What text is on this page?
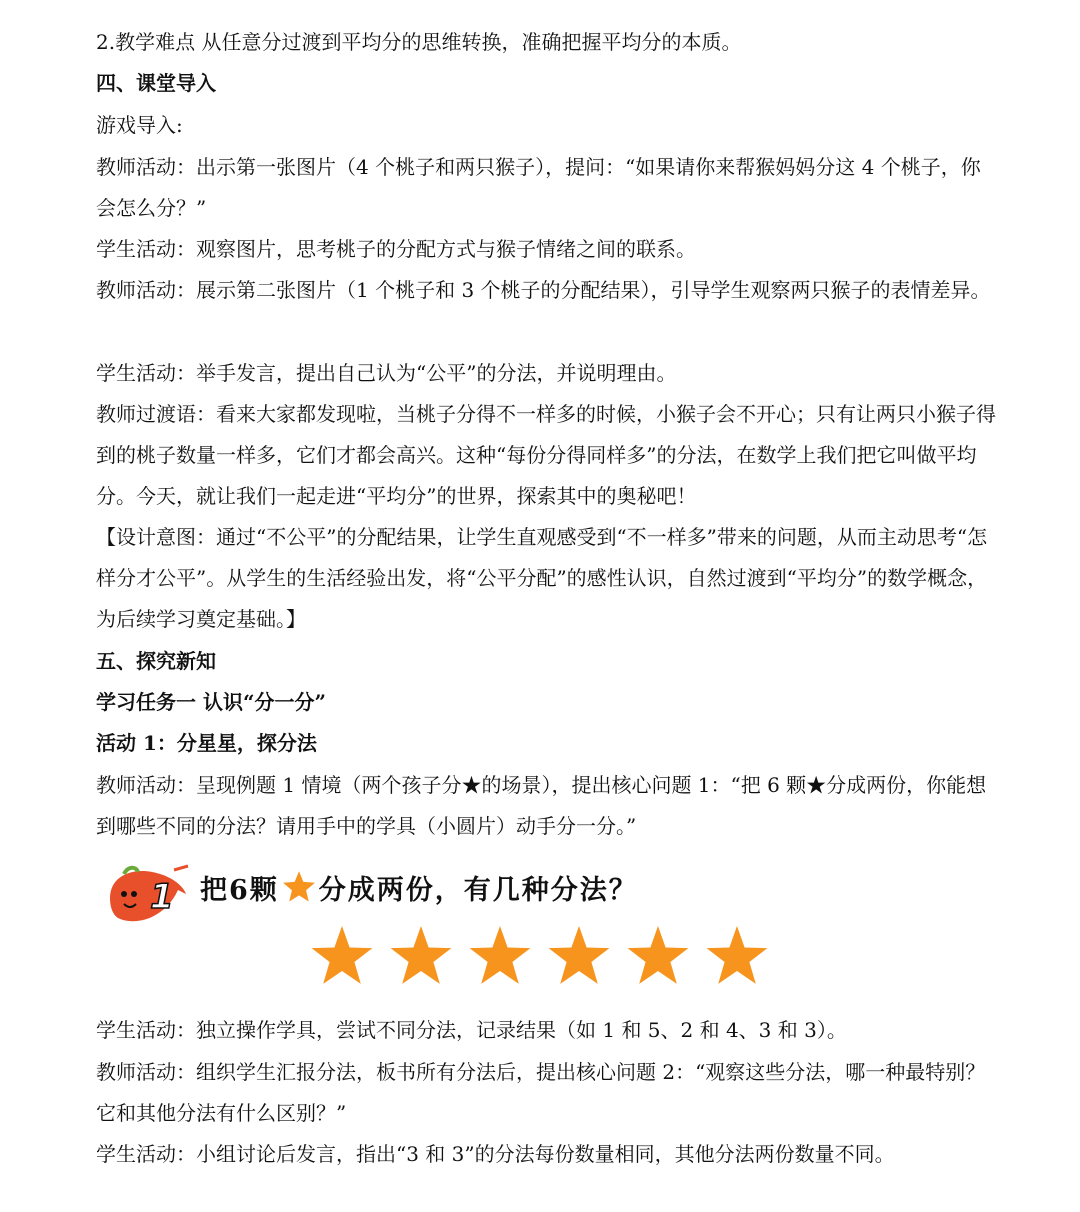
2.教学难点 从任意分过渡到平均分的思维转换，准确把握平均分的本质。

四、课堂导入

游戏导入:

教师活动：出示第一张图片（4 个桃子和两只猴子），提问：“如果请你来帮猴妈妈分这 4 个桃子，你会怎么分？”

学生活动：观察图片，思考桃子的分配方式与猴子情绪之间的联系。

教师活动：展示第二张图片（1 个桃子和 3 个桃子的分配结果），引导学生观察两只猴子的表情差异。

学生活动：举手发言，提出自己认为“公平”的分法，并说明理由。

教师过渡语：看来大家都发现啦，当桃子分得不一样多的时候，小猴子会不开心；只有让两只小猴子得到的桃子数量一样多，它们才都会高兴。这种“每份分得同样多”的分法，在数学上我们把它叫做平均分。今天，就让我们一起走进“平均分”的世界，探索其中的奥秘吧！

【设计意图：通过“不公平”的分配结果，让学生直观感受到“不一样多”带来的问题，从而主动思考“怎样分才公平”。从学生的生活经验出发，将“公平分配”的感性认识，自然过渡到“平均分”的数学概念，为后续学习奠定基础。】

五、探究新知

学习任务一 认识“分一分”

活动 1：分星星，探分法

教师活动：呈现例题 1 情境（两个孩子分★的场景），提出核心问题 1：“把 6 颗★分成两份，你能想到哪些不同的分法？请用手中的学具（小圆片）动手分一分。”

1 把6颗 分成两份，有几种分法？

学生活动：独立操作学具，尝试不同分法，记录结果（如 1 和 5、2 和 4、3 和 3）。

教师活动：组织学生汇报分法，板书所有分法后，提出核心问题 2：“观察这些分法，哪一种最特别？它和其他分法有什么区别？”

学生活动：小组讨论后发言，指出“3 和 3”的分法每份数量相同，其他分法两份数量不同。
